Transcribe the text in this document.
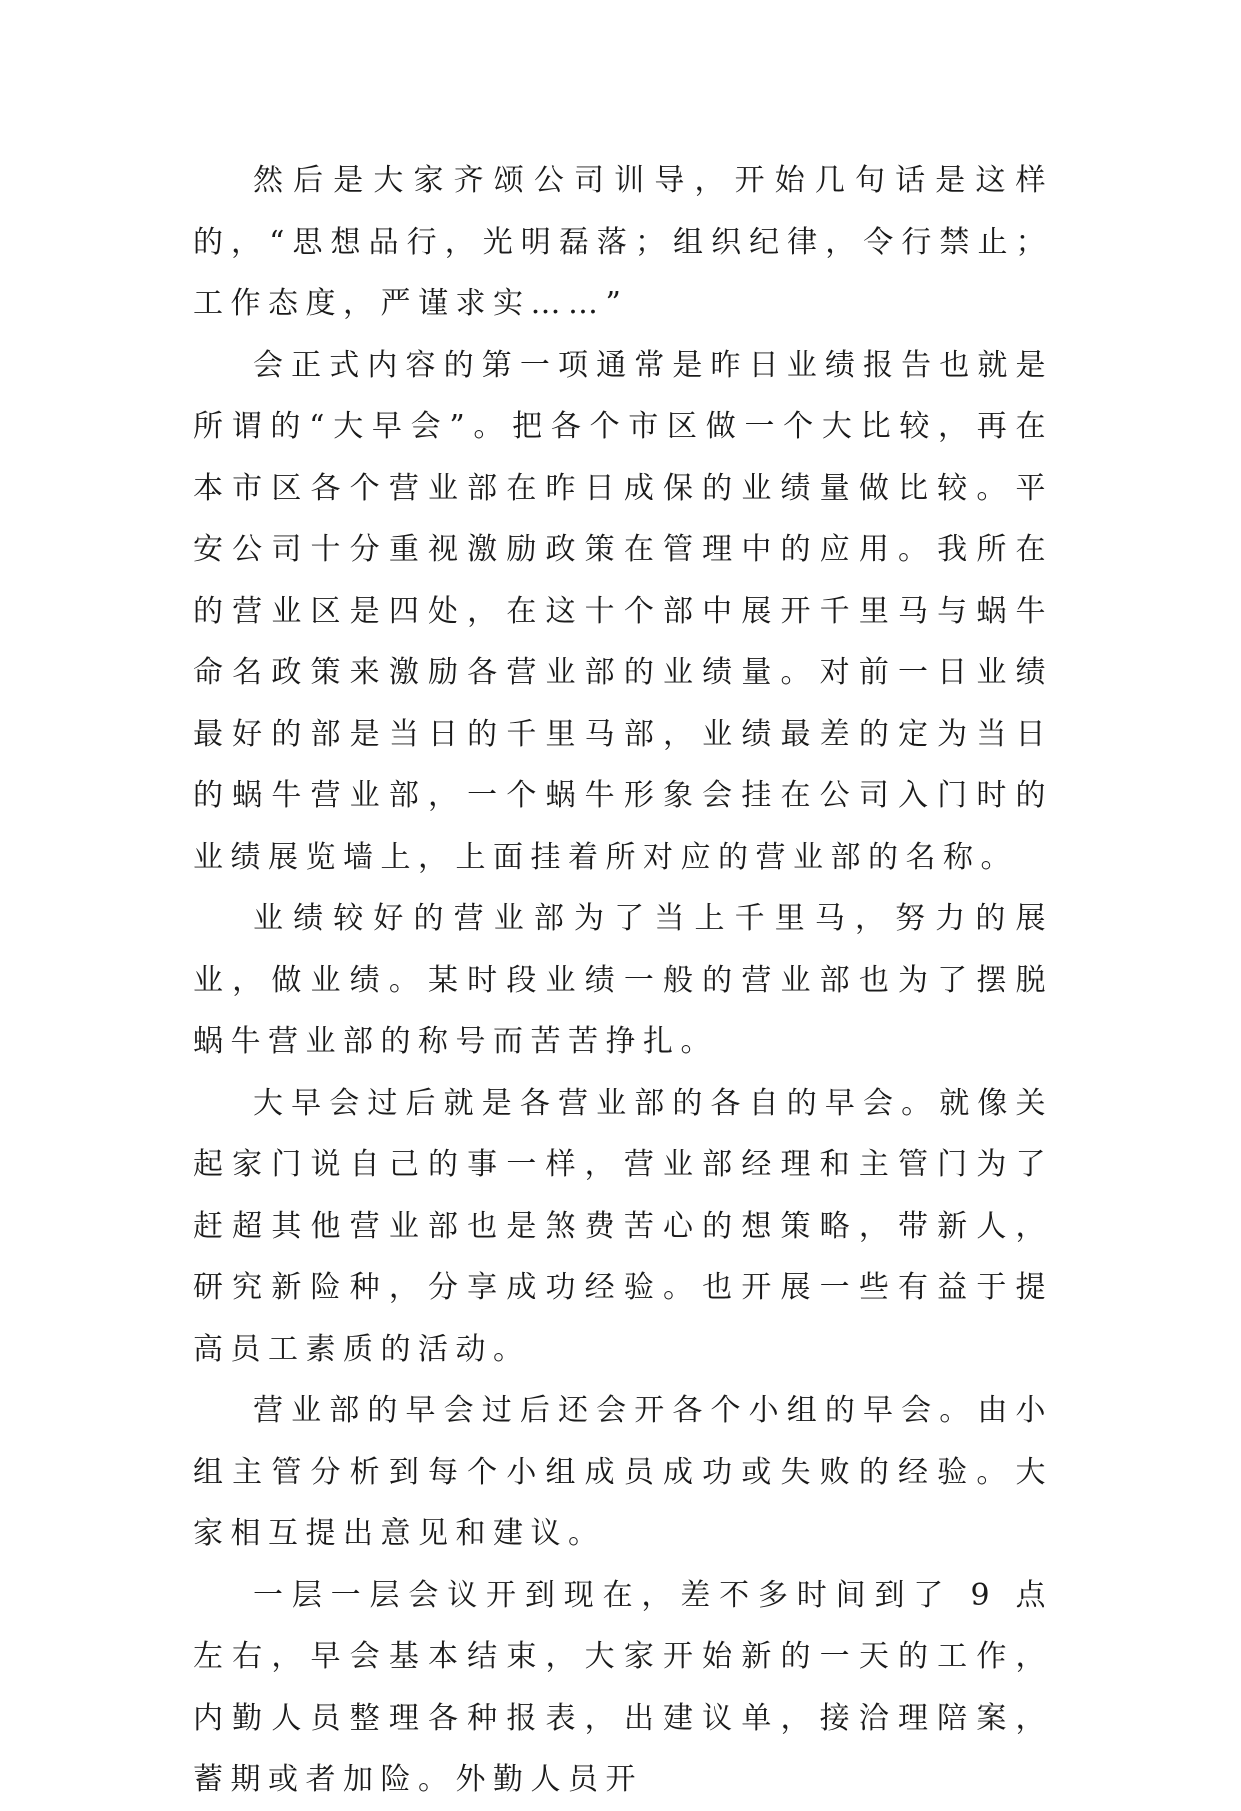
然后是大家齐颂公司训导，开始几句话是这样的，“思想品行，光明磊落；组织纪律，令行禁止；工作态度，严谨求实……”

会正式内容的第一项通常是昨日业绩报告也就是所谓的“大早会”。把各个市区做一个大比较，再在本市区各个营业部在昨日成保的业绩量做比较。平安公司十分重视激励政策在管理中的应用。我所在的营业区是四处，在这十个部中展开千里马与蜗牛命名政策来激励各营业部的业绩量。对前一日业绩最好的部是当日的千里马部，业绩最差的定为当日的蜗牛营业部，一个蜗牛形象会挂在公司入门时的业绩展览墙上，上面挂着所对应的营业部的名称。

业绩较好的营业部为了当上千里马，努力的展业，做业绩。某时段业绩一般的营业部也为了摆脱蜗牛营业部的称号而苦苦挣扎。

大早会过后就是各营业部的各自的早会。就像关起家门说自己的事一样，营业部经理和主管门为了赶超其他营业部也是煞费苦心的想策略，带新人，研究新险种，分享成功经验。也开展一些有益于提高员工素质的活动。

营业部的早会过后还会开各个小组的早会。由小组主管分析到每个小组成员成功或失败的经验。大家相互提出意见和建议。

一层一层会议开到现在，差不多时间到了 9 点左右，早会基本结束，大家开始新的一天的工作，内勤人员整理各种报表，出建议单，接洽理陪案，蓄期或者加险。外勤人员开
